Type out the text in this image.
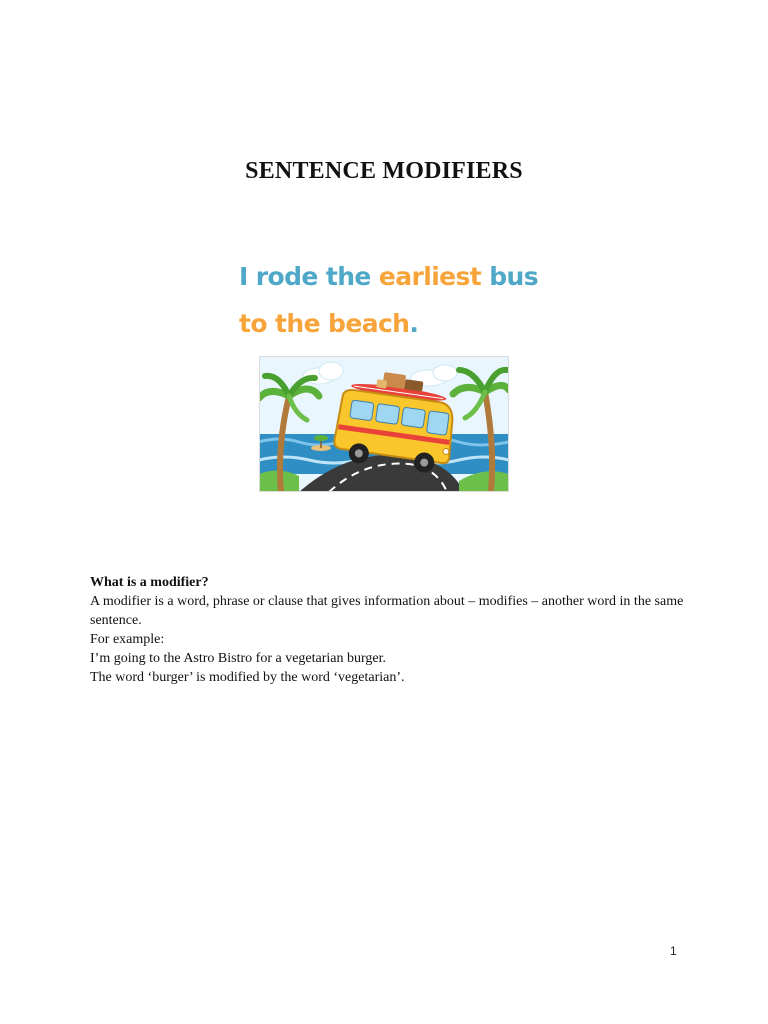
SENTENCE MODIFIERS
I rode the earliest bus
to the beach.

What is a modifier?

A modifier is a word, phrase or clause that gives information about – modifies – another word in the same sentence.

For example:

I’m going to the Astro Bistro for a vegetarian burger.

The word ‘burger’ is modified by the word ‘vegetarian’.

1
